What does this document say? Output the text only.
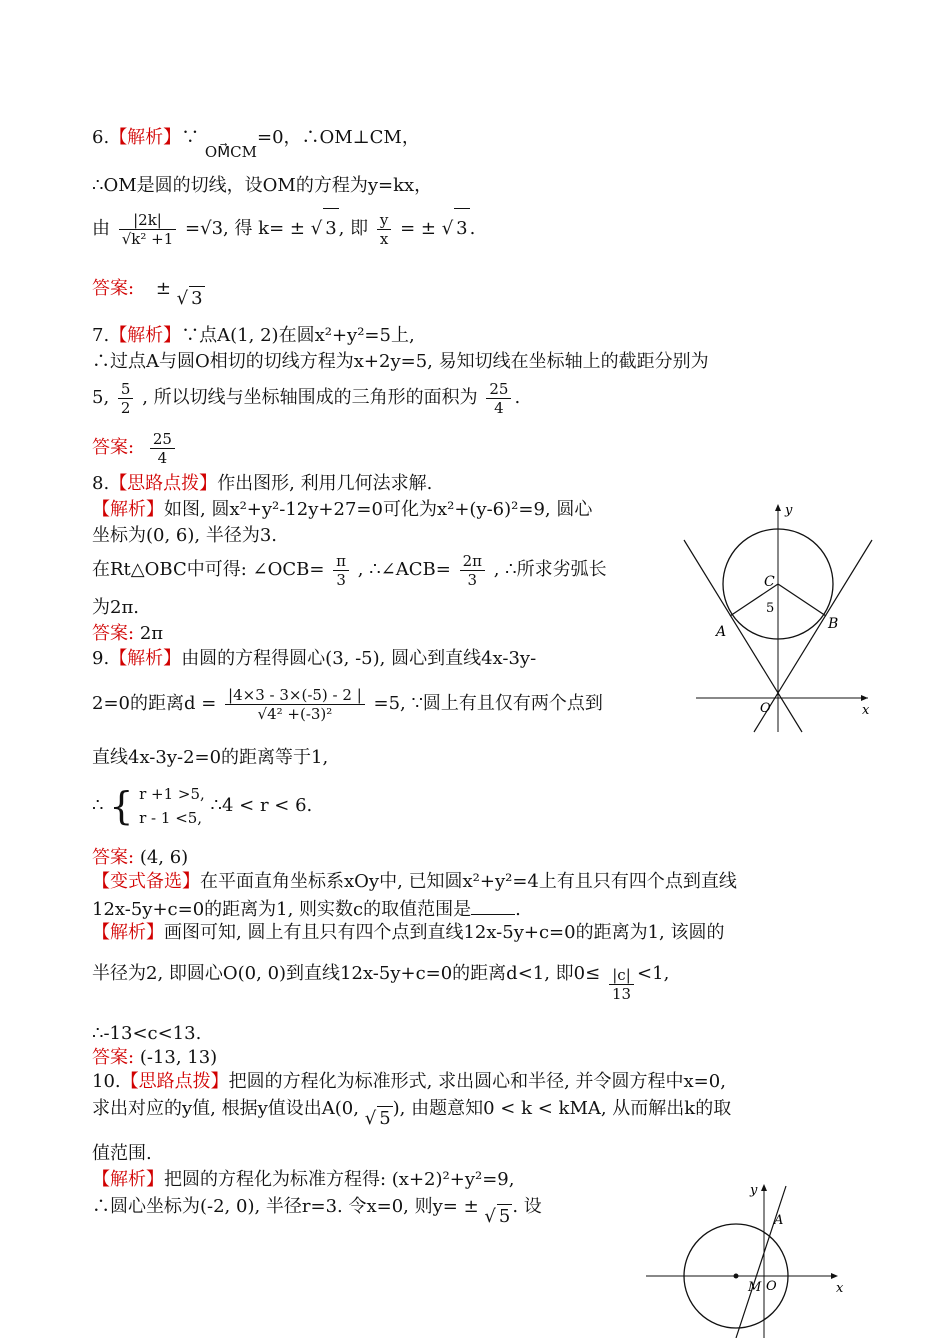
6.【解析】∵ $_{OM⃗CM}$=0，∴OM⊥CM，
∴OM是圆的切线，设OM的方程为y=kx，
由 $\frac{|2k|}{\text{√k² +1}} =√3$, 得 k= ± √ 3 , 即 $\frac{y}{x}$ = ± √ 3 .
答案: ± √ 3
7.【解析】∵点A(1, 2)在圆x²+y²=5上,
∴过点A与圆O相切的切线方程为x+2y=5, 易知切线在坐标轴上的截距分别为
5, $\frac{5}{2}$ , 所以切线与坐标轴围成的三角形的面积为 $\frac{25}{4}$ .
答案: $\frac{25}{4}$
8.【思路点拨】作出图形, 利用几何法求解.
【解析】如图, 圆x²+y²-12y+27=0可化为x²+(y-6)²=9, 圆心
坐标为(0, 6), 半径为3.
在Rt△OBC中可得: ∠OCB= $\frac{\pi}{3}$ , ∴∠ACB= $\frac{2\pi}{3}$ , ∴所求劣弧长
为2π.
答案: 2π
9.【解析】由圆的方程得圆心(3, -5), 圆心到直线4x-3y-
2=0的距离$d = \frac{|4\times 3 - 3\times(-5) - 2 |}{\text{√4² +(-3)²}} =5$, ∵圆上有且仅有两个点到
直线4x-3y-2=0的距离等于1,
∴ { r +1 >5,
r - 1 <5,
∴4 < r < 6.
答案: (4, 6)
【变式备选】在平面直角坐标系xOy中, 已知圆x²+y²=4上有且只有四个点到直线
12x-5y+c=0的距离为1, 则实数c的取值范围是 .
【解析】画图可知, 圆上有且只有四个点到直线12x-5y+c=0的距离为1, 该圆的
半径为2, 即圆心O(0, 0)到直线12x-5y+c=0的距离d<1, 即$0\le \frac{|c|}{13} <1$,
∴-13<c<13.
答案: (-13, 13)
10.【思路点拨】把圆的方程化为标准形式, 求出圆心和半径, 并令圆方程中x=0,
求出对应的y值, 根据y值设出A(0, √ 5 ), 由题意知0 < k < kMA, 从而解出k的取
值范围.
【解析】把圆的方程化为标准方程得: (x+2)²+y²=9,
∴圆心坐标为(-2, 0), 半径r=3. 令x=0, 则y= ± √ 5 . 设
y
x
O
C
5
A	B
y
x
O
M
A
